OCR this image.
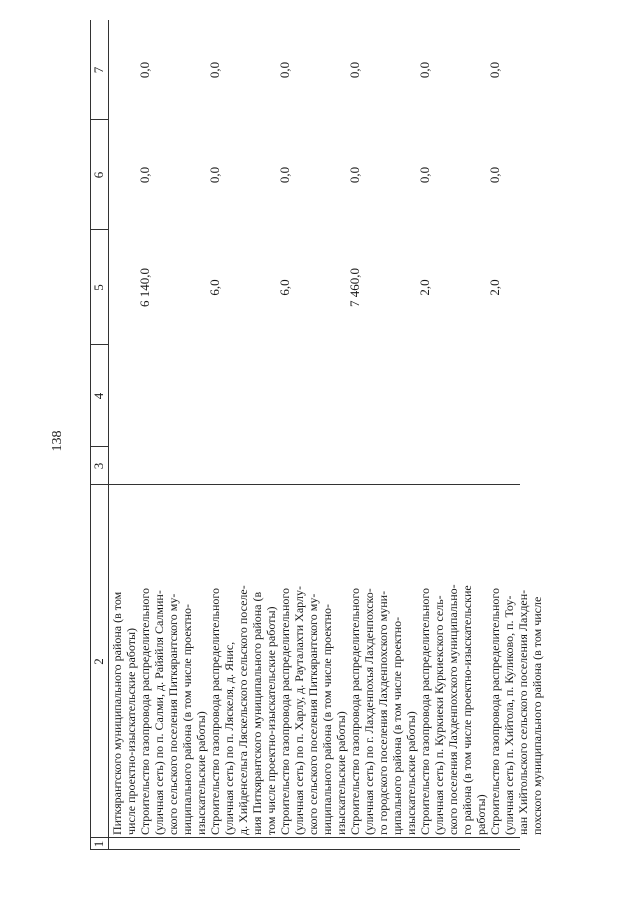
138
1
2
3
4
5
6
7
Питкярантского муниципального района (в том
числе проектно-изыскательские работы)
Строительство газопровода распределительного
(уличная сеть) по п. Салми, д. Райяйля Салмин-
ского сельского поселения Питкярантского му-
ниципального района (в том числе проектно-
изыскательские работы)
Строительство газопровода распределительного
(уличная сеть) по п. Ляскеля, д. Янис,
д. Хийденсельга Ляскельского сельского поселе-
ния Питкярантского муниципального района (в
том числе проектно-изыскательские работы)
Строительство газопровода распределительного
(уличная сеть) по п. Харлу, д. Рауталахти Харлу-
ского сельского поселения Питкярантского му-
ниципального района (в том числе проектно-
изыскательские работы)
Строительство газопровода распределительного
(уличная сеть) по г. Лахденпохья Лахденпохско-
го городского поселения Лахденпохского муни-
ципального района (в том числе проектно-
изыскательские работы)
Строительство газопровода распределительного
(уличная сеть) п. Куркиеки Куркиекского сель-
ского поселения Лахденпохского муниципально-
го района (в том числе проектно-изыскательские
работы) Строительство газопровода распределительного
(уличная сеть) п. Хийтола, п. Куликово, п. Тоу-
нан Хийтольского сельского поселения Лахден-
похского муниципального района (в том числе
6 140,0
0,0
0,0
6,0
0,0
0,0
6,0
0,0
0,0
7 460,0
0,0
0,0
2,0
0,0
0,0
2,0
0,0
0,0
